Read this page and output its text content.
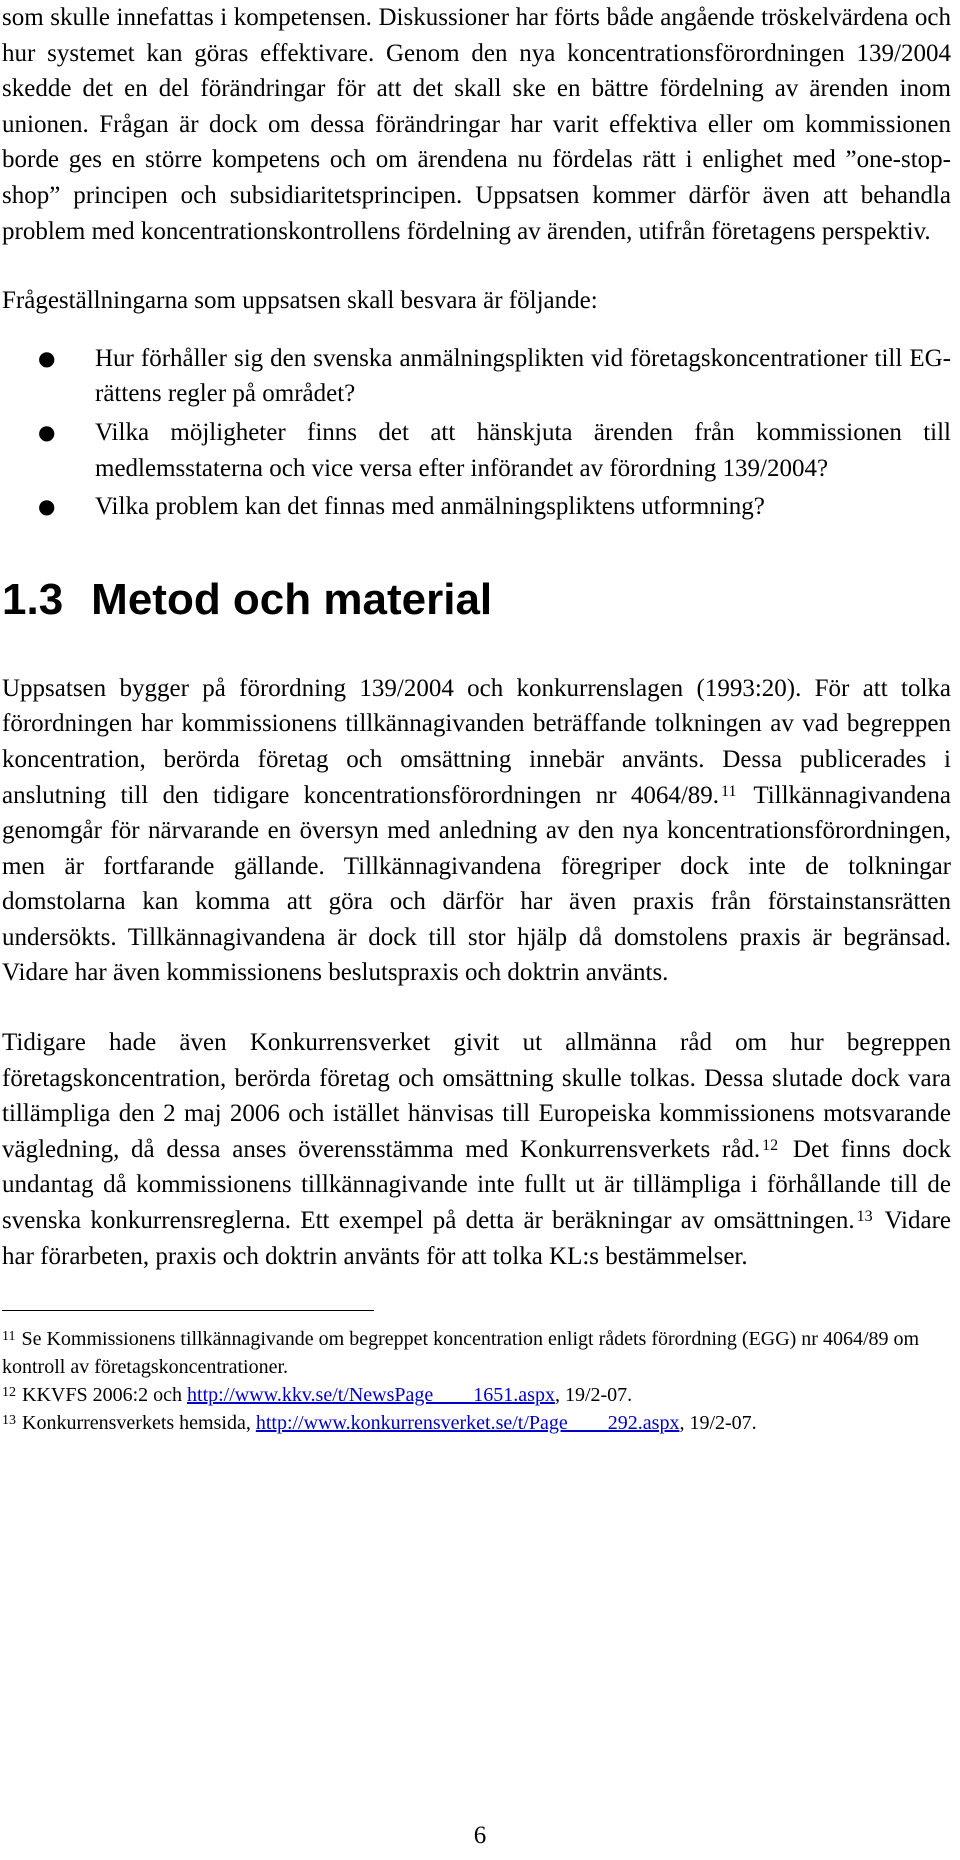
som skulle innefattas i kompetensen. Diskussioner har förts både angående tröskelvärdena och hur systemet kan göras effektivare. Genom den nya koncentrationsförordningen 139/2004 skedde det en del förändringar för att det skall ske en bättre fördelning av ärenden inom unionen. Frågan är dock om dessa förändringar har varit effektiva eller om kommissionen borde ges en större kompetens och om ärendena nu fördelas rätt i enlighet med ”one-stop-shop” principen och subsidiaritetsprincipen. Uppsatsen kommer därför även att behandla problem med koncentrationskontrollens fördelning av ärenden, utifrån företagens perspektiv.

Frågeställningarna som uppsatsen skall besvara är följande:

● Hur förhåller sig den svenska anmälningsplikten vid företagskoncentrationer till EG-rättens regler på området?
● Vilka möjligheter finns det att hänskjuta ärenden från kommissionen till medlemsstaterna och vice versa efter införandet av förordning 139/2004?
● Vilka problem kan det finnas med anmälningspliktens utformning?
1.3 Metod och material

Uppsatsen bygger på förordning 139/2004 och konkurrenslagen (1993:20). För att tolka förordningen har kommissionens tillkännagivanden beträffande tolkningen av vad begreppen koncentration, berörda företag och omsättning innebär använts. Dessa publicerades i anslutning till den tidigare koncentrationsförordningen nr 4064/89. $^{11}$ Tillkännagivandena genomgår för närvarande en översyn med anledning av den nya koncentrationsförordningen, men är fortfarande gällande. Tillkännagivandena föregriper dock inte de tolkningar domstolarna kan komma att göra och därför har även praxis från förstainstansrätten undersökts. Tillkännagivandena är dock till stor hjälp då domstolens praxis är begränsad. Vidare har även kommissionens beslutspraxis och doktrin använts.

Tidigare hade även Konkurrensverket givit ut allmänna råd om hur begreppen företagskoncentration, berörda företag och omsättning skulle tolkas. Dessa slutade dock vara tillämpliga den 2 maj 2006 och istället hänvisas till Europeiska kommissionens motsvarande vägledning, då dessa anses överensstämma med Konkurrensverkets råd. $^{12}$ Det finns dock undantag då kommissionens tillkännagivande inte fullt ut är tillämpliga i förhållande till de svenska konkurrensreglerna. Ett exempel på detta är beräkningar av omsättningen. $^{13}$ Vidare har förarbeten, praxis och doktrin använts för att tolka KL:s bestämmelser.

$^{11}$ Se Kommissionens tillkännagivande om begreppet koncentration enligt rådets förordning (EGG) nr 4064/89 om kontroll av företagskoncentrationer.

$^{12}$ KKVFS 2006:2 och http://www.kkv.se/t/NewsPage____1651.aspx, 19/2-07.

$^{13}$ Konkurrensverkets hemsida, http://www.konkurrensverket.se/t/Page____292.aspx, 19/2-07.

6
